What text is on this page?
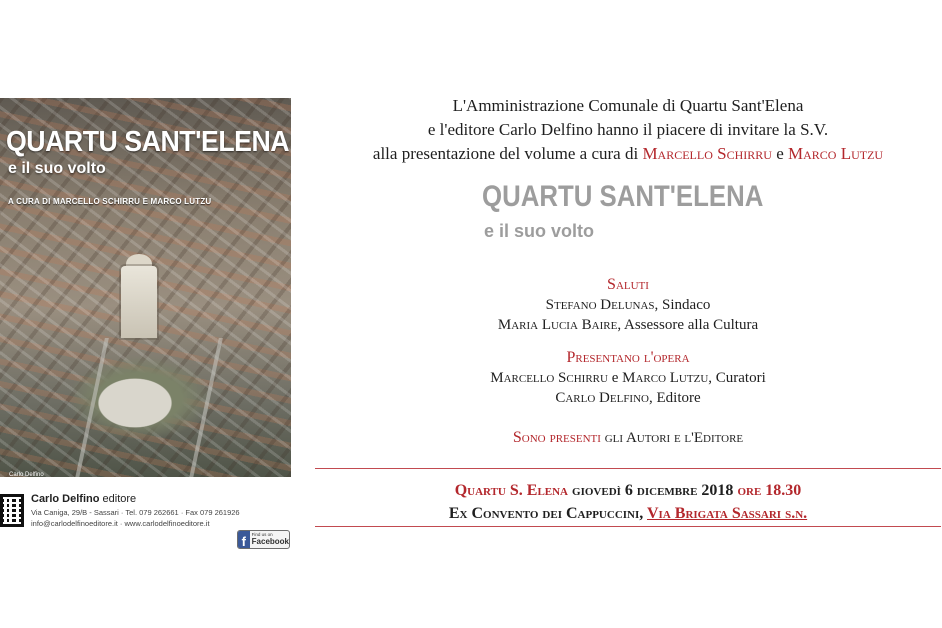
QUARTU SANT'ELENA
e il suo volto
A CURA DI MARCELLO SCHIRRU E MARCO LUTZU
Carlo Delfino
Carlo Delfino editore
Via Caniga, 29/B - Sassari · Tel. 079 262661 · Fax 079 261926
info@carlodelfinoeditore.it · www.carlodelfinoeditore.it
f	Find us on
Facebook
L'Amministrazione Comunale di Quartu Sant'Elena
e l'editore Carlo Delfino hanno il piacere di invitare la S.V.
alla presentazione del volume a cura di Marcello Schirru e Marco Lutzu
QUARTU SANT'ELENA
e il suo volto
Saluti
Stefano Delunas, Sindaco
Maria Lucia Baire, Assessore alla Cultura
Presentano l'opera
Marcello Schirru e Marco Lutzu, Curatori
Carlo Delfino, Editore
Sono presenti gli Autori e l'Editore
Quartu S. Elena giovedì 6 dicembre 2018 ore 18.30
Ex Convento dei Cappuccini, Via Brigata Sassari s.n.
